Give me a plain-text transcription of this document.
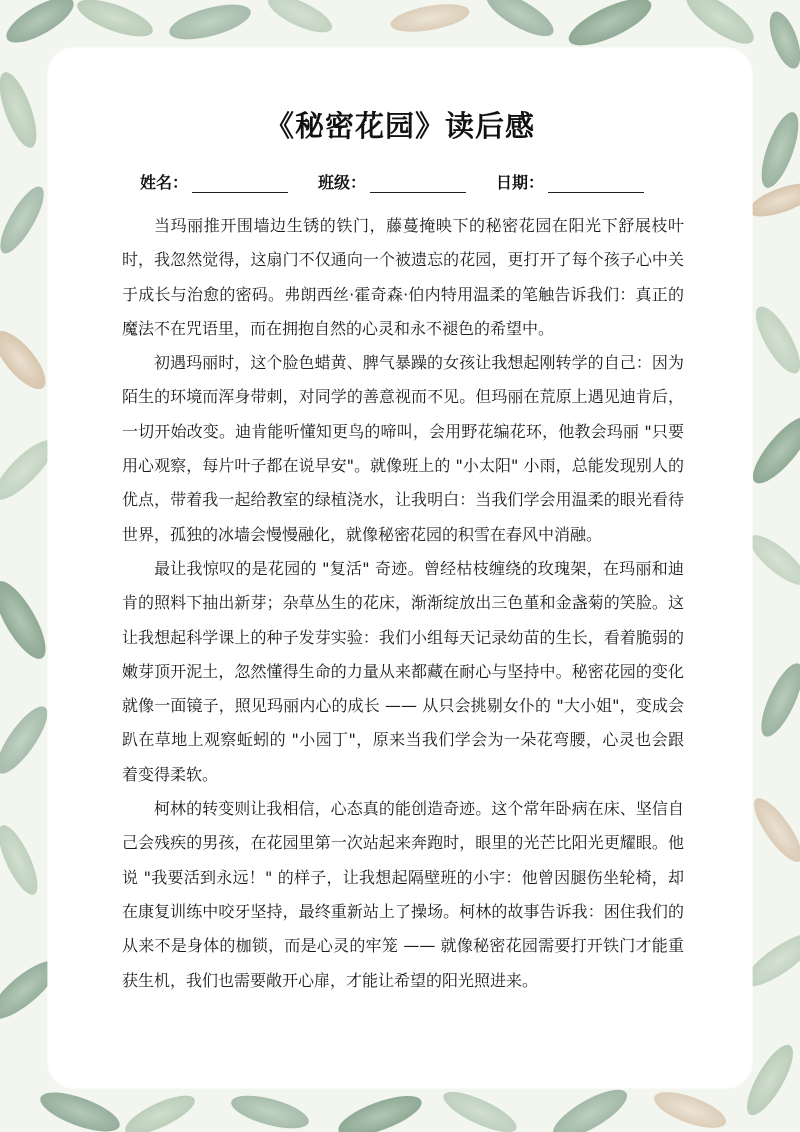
《秘密花园》读后感
姓名：	班级：	日期：

当玛丽推开围墙边生锈的铁门，藤蔓掩映下的秘密花园在阳光下舒展枝叶时，我忽然觉得，这扇门不仅通向一个被遗忘的花园，更打开了每个孩子心中关于成长与治愈的密码。弗朗西丝·霍奇森·伯内特用温柔的笔触告诉我们：真正的魔法不在咒语里，而在拥抱自然的心灵和永不褪色的希望中。

初遇玛丽时，这个脸色蜡黄、脾气暴躁的女孩让我想起刚转学的自己：因为陌生的环境而浑身带刺，对同学的善意视而不见。但玛丽在荒原上遇见迪肯后，一切开始改变。迪肯能听懂知更鸟的啼叫，会用野花编花环，他教会玛丽 "只要用心观察，每片叶子都在说早安"。就像班上的 "小太阳" 小雨，总能发现别人的优点，带着我一起给教室的绿植浇水，让我明白：当我们学会用温柔的眼光看待世界，孤独的冰墙会慢慢融化，就像秘密花园的积雪在春风中消融。

最让我惊叹的是花园的 "复活" 奇迹。曾经枯枝缠绕的玫瑰架，在玛丽和迪肯的照料下抽出新芽；杂草丛生的花床，渐渐绽放出三色堇和金盏菊的笑脸。这让我想起科学课上的种子发芽实验：我们小组每天记录幼苗的生长，看着脆弱的嫩芽顶开泥土，忽然懂得生命的力量从来都藏在耐心与坚持中。秘密花园的变化就像一面镜子，照见玛丽内心的成长 —— 从只会挑剔女仆的 "大小姐"，变成会趴在草地上观察蚯蚓的 "小园丁"，原来当我们学会为一朵花弯腰，心灵也会跟着变得柔软。

柯林的转变则让我相信，心态真的能创造奇迹。这个常年卧病在床、坚信自己会残疾的男孩，在花园里第一次站起来奔跑时，眼里的光芒比阳光更耀眼。他说 "我要活到永远！" 的样子，让我想起隔壁班的小宇：他曾因腿伤坐轮椅，却在康复训练中咬牙坚持，最终重新站上了操场。柯林的故事告诉我：困住我们的从来不是身体的枷锁，而是心灵的牢笼 —— 就像秘密花园需要打开铁门才能重获生机，我们也需要敞开心扉，才能让希望的阳光照进来。
